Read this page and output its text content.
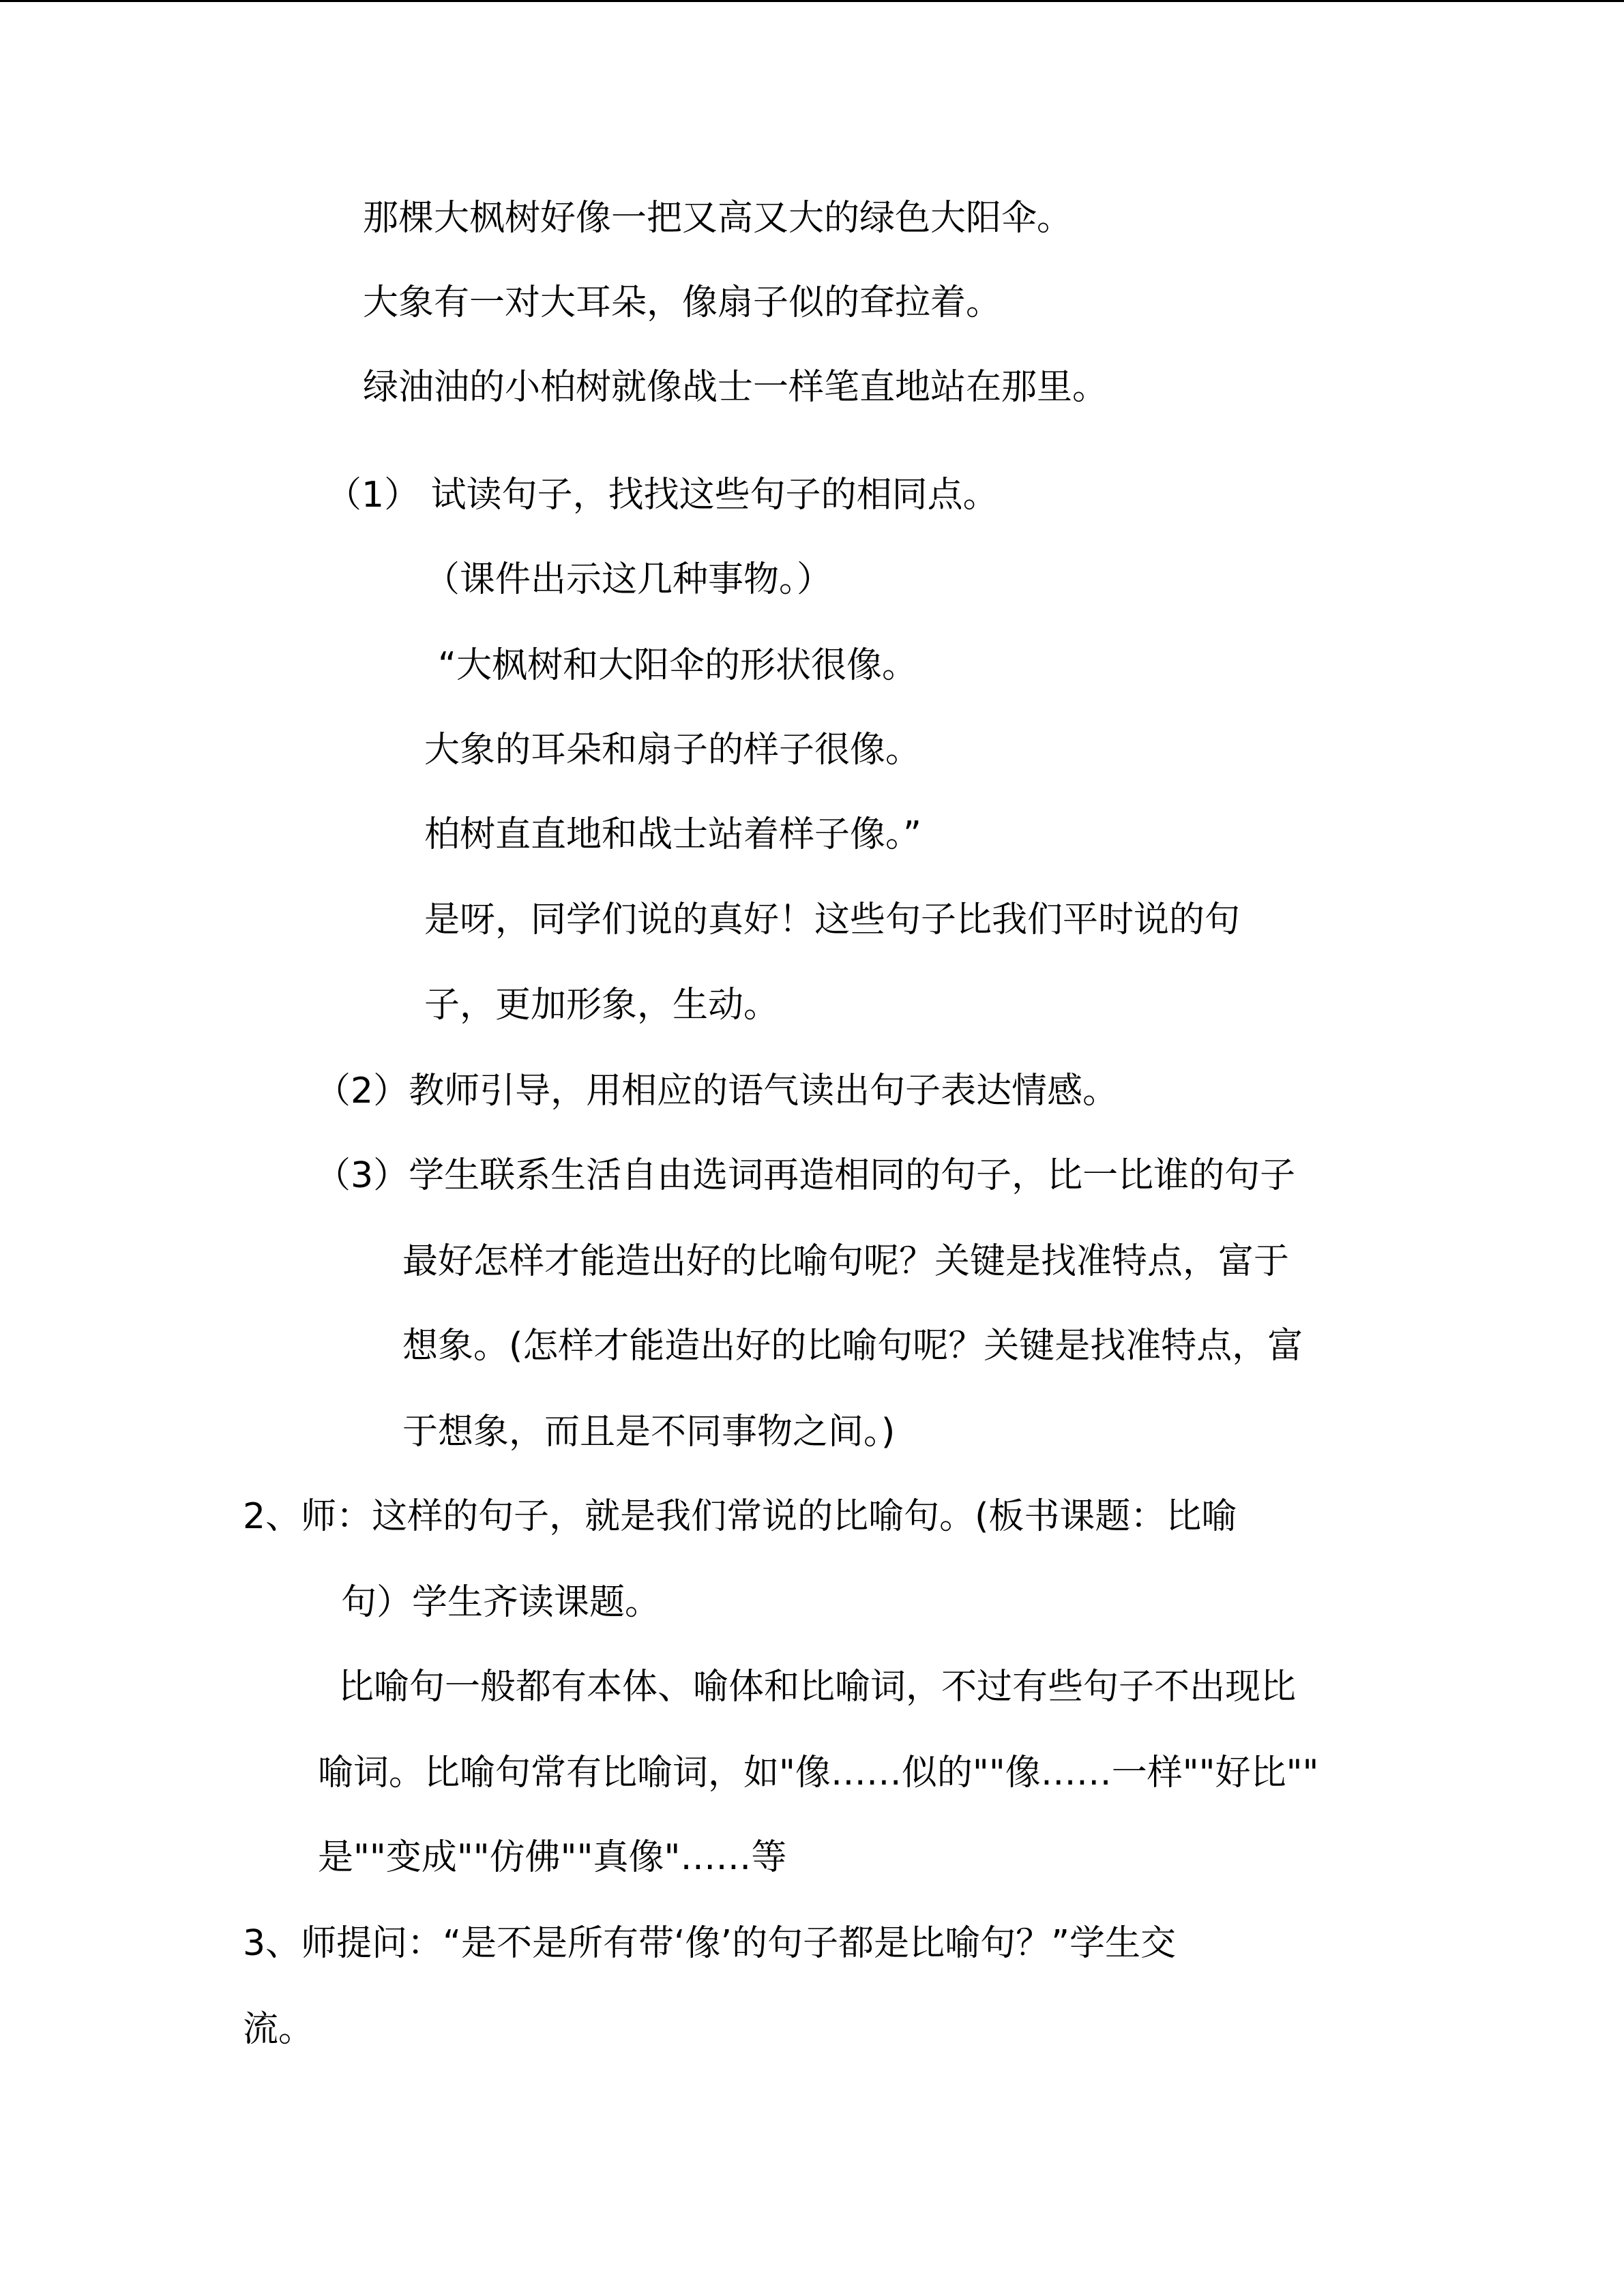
那棵大枫树好像一把又高又大的绿色大阳伞。

大象有一对大耳朵，像扇子似的耷拉着。

绿油油的小柏树就像战士一样笔直地站在那里。

（1） 试读句子，找找这些句子的相同点。

（课件出示这几种事物。）

“大枫树和大阳伞的形状很像。

大象的耳朵和扇子的样子很像。

柏树直直地和战士站着样子像。”

是呀，同学们说的真好！这些句子比我们平时说的句

子，更加形象，生动。

（2）教师引导，用相应的语气读出句子表达情感。

（3）学生联系生活自由选词再造相同的句子，比一比谁的句子

最好怎样才能造出好的比喻句呢？关键是找准特点，富于

想象。(怎样才能造出好的比喻句呢？关键是找准特点，富

于想象，而且是不同事物之间。)

2、师：这样的句子，就是我们常说的比喻句。(板书课题：比喻

句）学生齐读课题。

比喻句一般都有本体、喻体和比喻词，不过有些句子不出现比

喻词。比喻句常有比喻词，如"像……似的""像……一样""好比""

是""变成""仿佛""真像"……等

3、师提问：“是不是所有带‘像’的句子都是比喻句？”学生交

流。
